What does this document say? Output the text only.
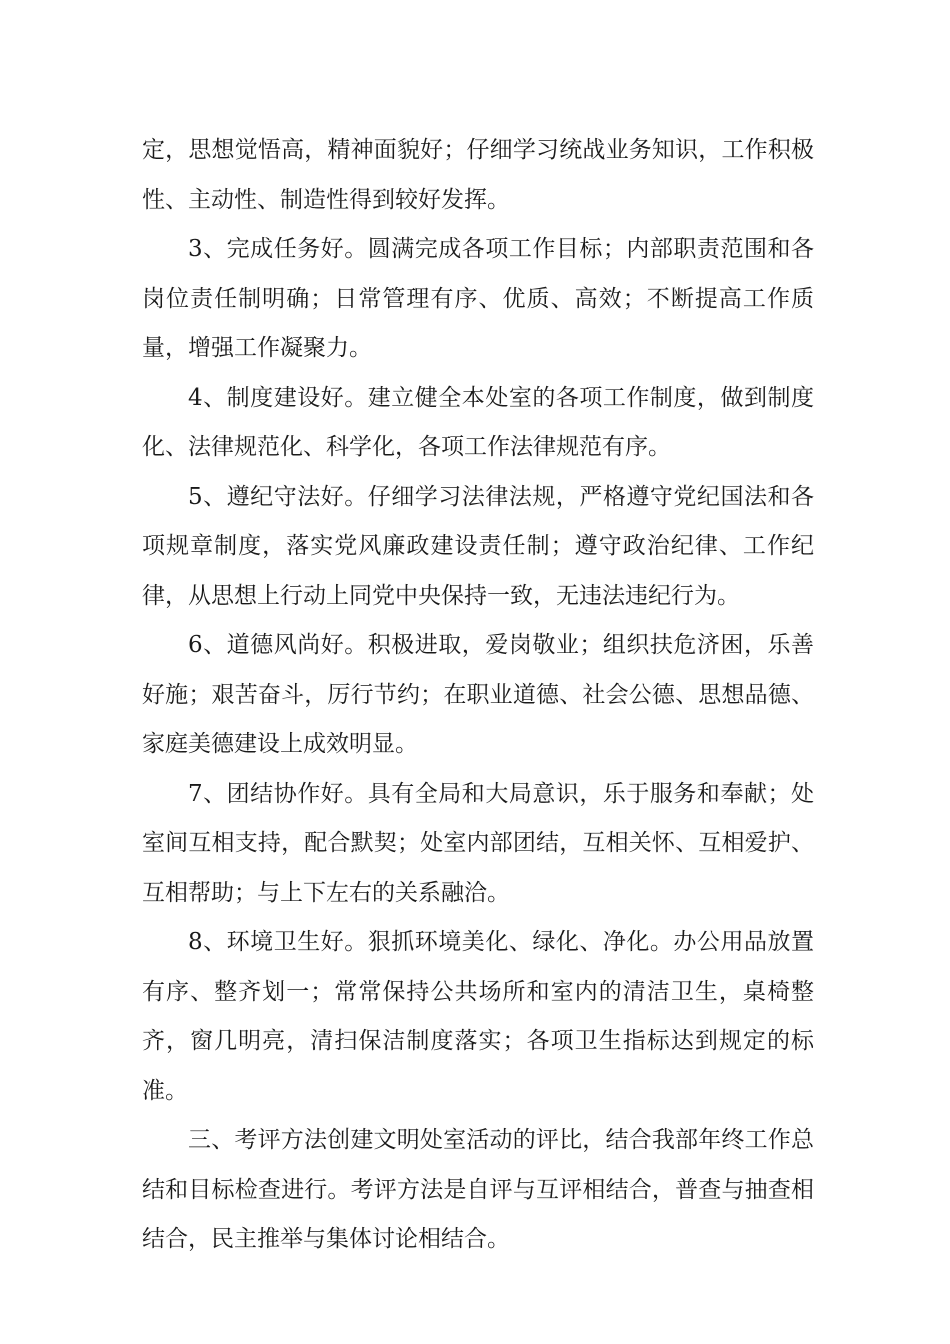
定，思想觉悟高，精神面貌好；仔细学习统战业务知识，工作积极性、主动性、制造性得到较好发挥。

3、完成任务好。圆满完成各项工作目标；内部职责范围和各岗位责任制明确；日常管理有序、优质、高效；不断提高工作质量，增强工作凝聚力。

4、制度建设好。建立健全本处室的各项工作制度，做到制度化、法律规范化、科学化，各项工作法律规范有序。

5、遵纪守法好。仔细学习法律法规，严格遵守党纪国法和各项规章制度，落实党风廉政建设责任制；遵守政治纪律、工作纪律，从思想上行动上同党中央保持一致，无违法违纪行为。

6、道德风尚好。积极进取，爱岗敬业；组织扶危济困，乐善好施；艰苦奋斗，厉行节约；在职业道德、社会公德、思想品德、家庭美德建设上成效明显。

7、团结协作好。具有全局和大局意识，乐于服务和奉献；处室间互相支持，配合默契；处室内部团结，互相关怀、互相爱护、互相帮助；与上下左右的关系融洽。

8、环境卫生好。狠抓环境美化、绿化、净化。办公用品放置有序、整齐划一；常常保持公共场所和室内的清洁卫生，桌椅整齐，窗几明亮，清扫保洁制度落实；各项卫生指标达到规定的标准。

三、考评方法创建文明处室活动的评比，结合我部年终工作总结和目标检查进行。考评方法是自评与互评相结合，普查与抽查相结合，民主推举与集体讨论相结合。
